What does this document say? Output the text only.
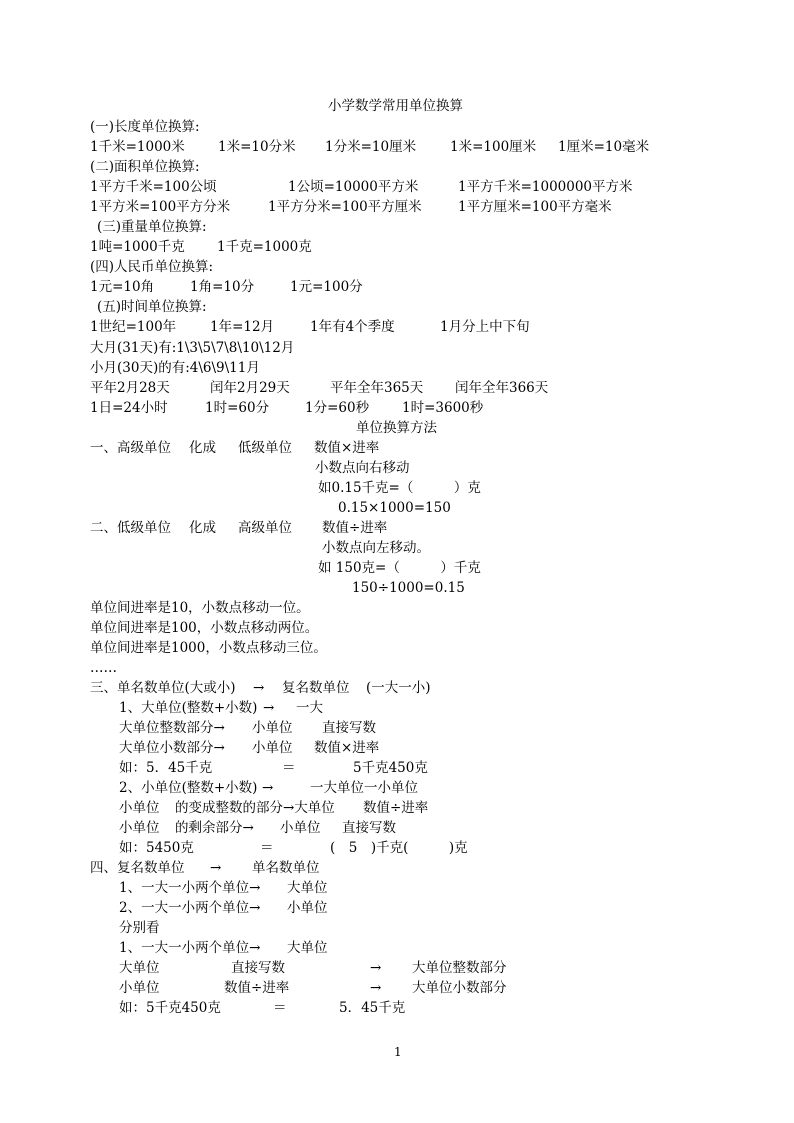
小学数学常用单位换算
(一)长度单位换算:
1千米=1000米 1米=10分米 1分米=10厘米	1米=100厘米 1厘米=10毫米
(二)面积单位换算:
1平方千米=100公顷	1公顷=10000平方米	1平方千米=1000000平方米
1平方米=100平方分米	1平方分米=100平方厘米	1平方厘米=100平方毫米
(三)重量单位换算:
1吨=1000千克 1千克=1000克
(四)人民币单位换算:
1元=10角	1角=10分	1元=100分
(五)时间单位换算:
1世纪=100年	1年=12月	1年有4个季度	1月分上中下旬
大月(31天)有:1\3\5\7\8\10\12月
小月(30天)的有:4\6\9\11月
平年2月28天	闰年2月29天	平年全年365天 闰年全年366天
1日=24小时	1时=60分	1分=60秒 1时=3600秒
单位换算方法
一、高级单位 化成 低级单位 数值×进率
小数点向右移动
如0.15千克=（　　　）克
0.15×1000=150
二、低级单位 化成 高级单位 数值÷进率
小数点向左移动。
如 150克=（　　　）千克
150÷1000=0.15
单位间进率是10，小数点移动一位。
单位间进率是100，小数点移动两位。
单位间进率是1000，小数点移动三位。
……
三、单名数单位(大或小) → 复名数单位 (一大一小)
1、大单位(整数+小数) → 一大
大单位整数部分→ 小单位 直接写数
大单位小数部分→ 小单位 数值×进率
如：5．45千克	＝	5千克450克
2、小单位(整数+小数) →	一大单位一小单位
小单位 的变成整数的部分→大单位 数值÷进率
小单位 的剩余部分→ 小单位 直接写数
如：5450克	＝	(　5　)千克(　　　)克
四、复名数单位 → 单名数单位
1、一大一小两个单位→ 大单位
2、一大一小两个单位→ 小单位
分别看
1、一大一小两个单位→ 大单位
大单位	直接写数	→ 大单位整数部分
小单位	数值÷进率	→ 大单位小数部分
如：5千克450克	＝	5．45千克
1
